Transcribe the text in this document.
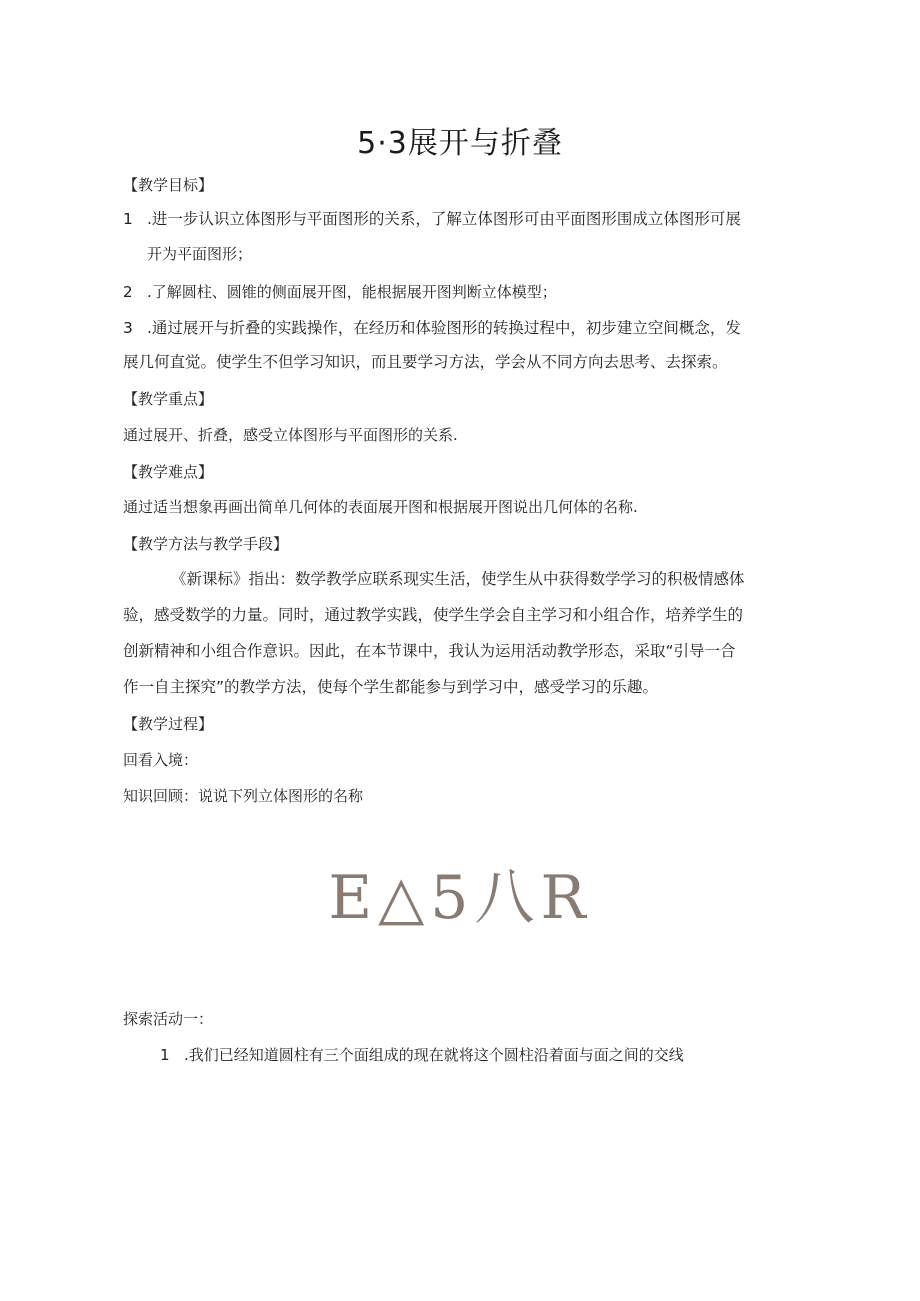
5·3展开与折叠
【教学目标】
1 .进一步认识立体图形与平面图形的关系，了解立体图形可由平面图形围成立体图形可展
开为平面图形；
2 .了解圆柱、圆锥的侧面展开图，能根据展开图判断立体模型；
3 .通过展开与折叠的实践操作，在经历和体验图形的转换过程中，初步建立空间概念，发
展几何直觉。使学生不但学习知识，而且要学习方法，学会从不同方向去思考、去探索。
【教学重点】
通过展开、折叠，感受立体图形与平面图形的关系.
【教学难点】
通过适当想象再画出简单几何体的表面展开图和根据展开图说出几何体的名称.
【教学方法与教学手段】
《新课标》指出：数学教学应联系现实生活，使学生从中获得数学学习的积极情感体
验，感受数学的力量。同时，通过教学实践，使学生学会自主学习和小组合作，培养学生的
创新精神和小组合作意识。因此，在本节课中，我认为运用活动教学形态，采取“引导一合
作一自主探究”的教学方法，使每个学生都能参与到学习中，感受学习的乐趣。
【教学过程】
回看入境：
知识回顾：说说下列立体图形的名称
E△5八R
探索活动一：
1 .我们已经知道圆柱有三个面组成的现在就将这个圆柱沿着面与面之间的交线
